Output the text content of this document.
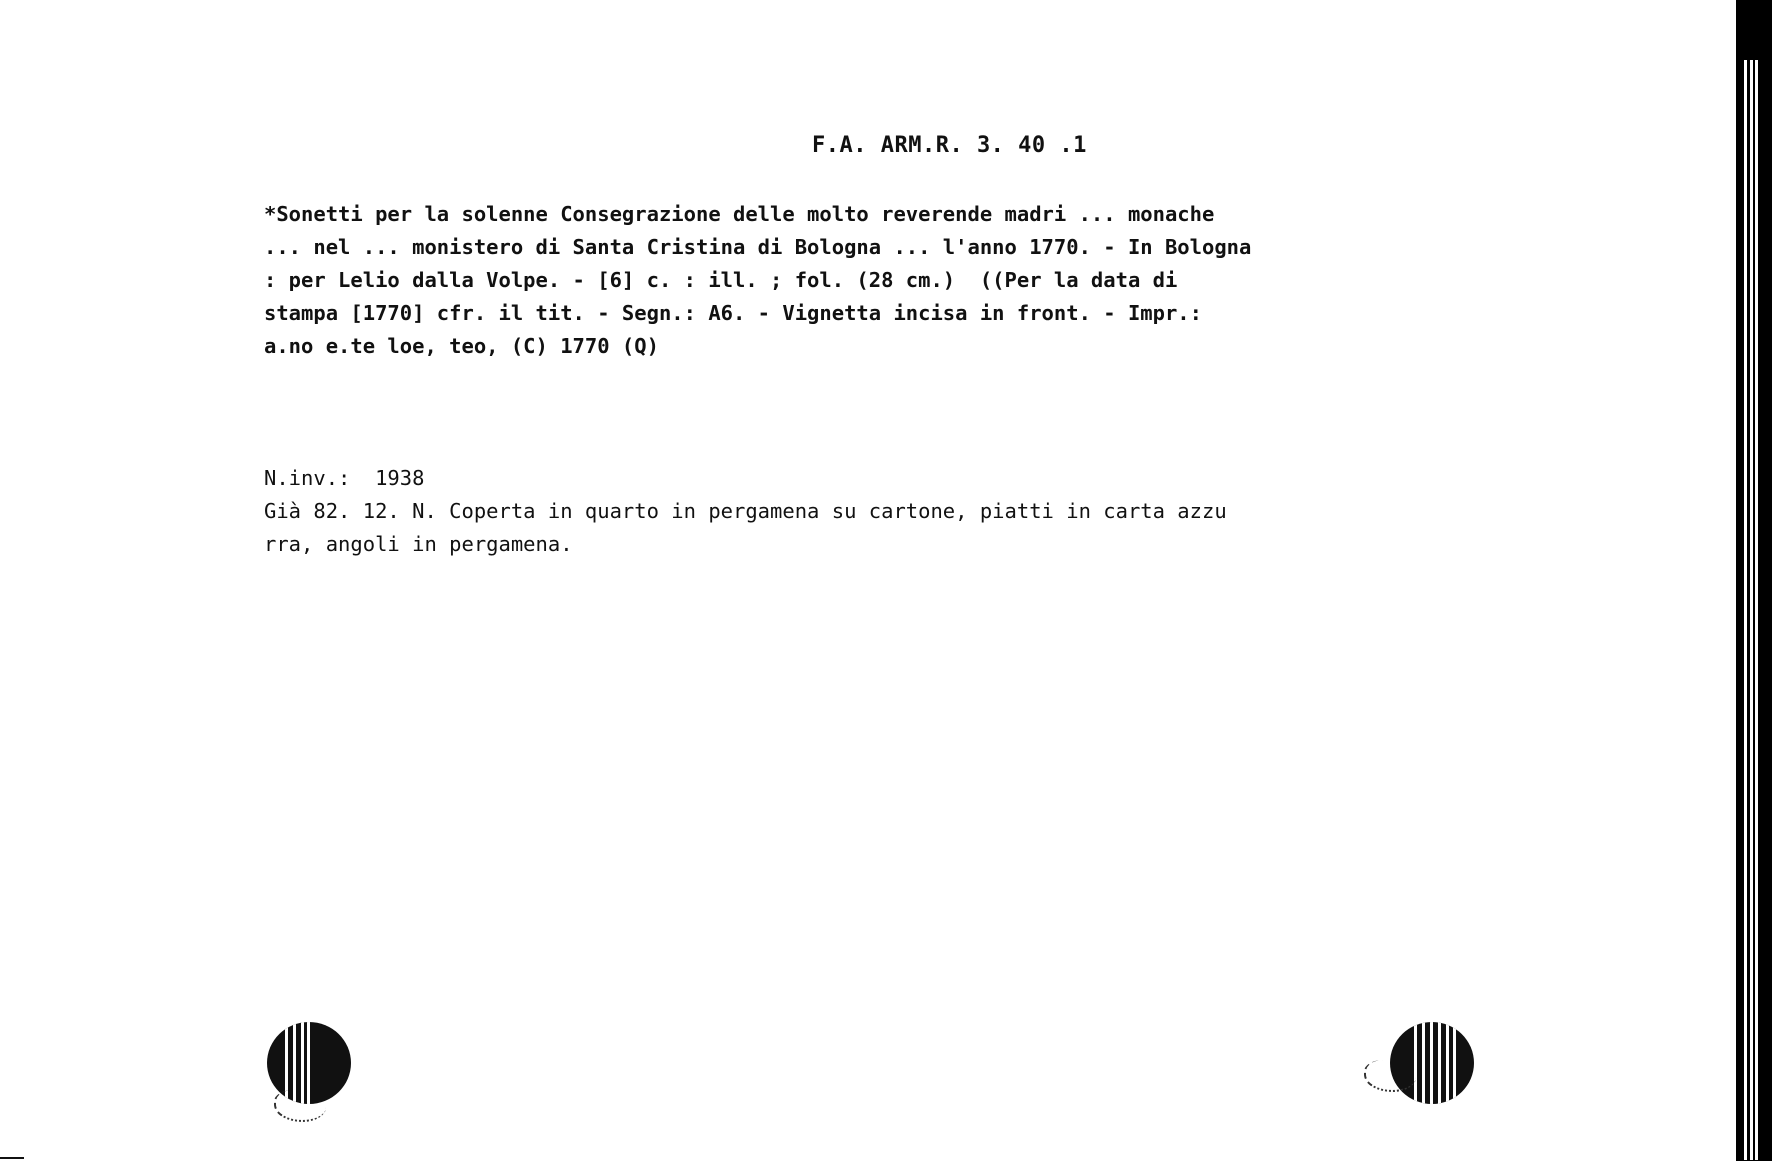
F.A. ARM.R. 3. 40 .1
*Sonetti per la solenne Consegrazione delle molto reverende madri ... monache
... nel ... monistero di Santa Cristina di Bologna ... l'anno 1770. - In Bologna
: per Lelio dalla Volpe. - [6] c. : ill. ; fol. (28 cm.)  ((Per la data di
stampa [1770] cfr. il tit. - Segn.: A6. - Vignetta incisa in front. - Impr.:
a.no e.te loe, teo, (C) 1770 (Q)
N.inv.:  1938
Già 82. 12. N. Coperta in quarto in pergamena su cartone, piatti in carta azzu
rra, angoli in pergamena.
